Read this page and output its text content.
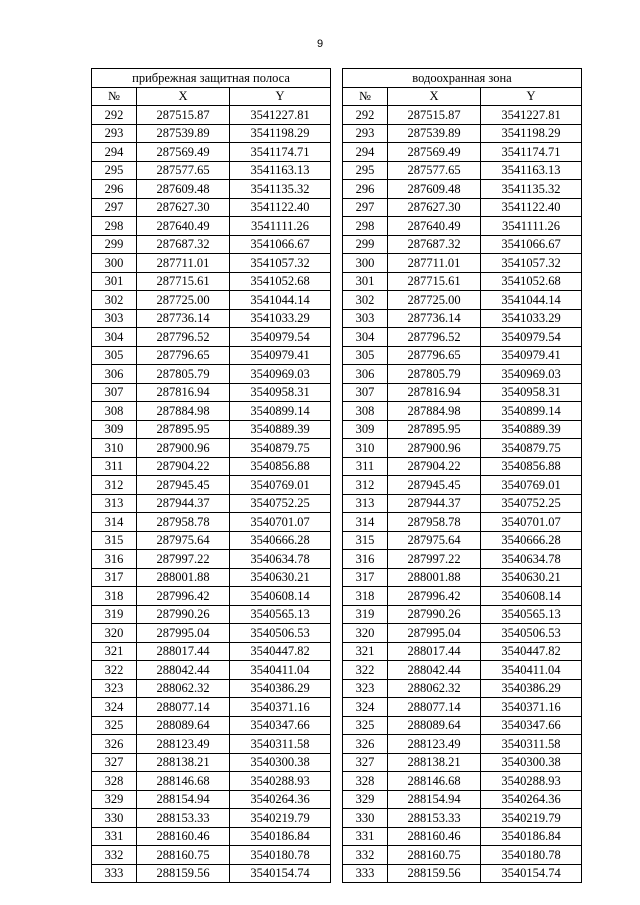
9
прибрежная защитная полоса		
№	X	Y
292	287515.87	3541227.81
293	287539.89	3541198.29
294	287569.49	3541174.71
295	287577.65	3541163.13
296	287609.48	3541135.32
297	287627.30	3541122.40
298	287640.49	3541111.26
299	287687.32	3541066.67
300	287711.01	3541057.32
301	287715.61	3541052.68
302	287725.00	3541044.14
303	287736.14	3541033.29
304	287796.52	3540979.54
305	287796.65	3540979.41
306	287805.79	3540969.03
307	287816.94	3540958.31
308	287884.98	3540899.14
309	287895.95	3540889.39
310	287900.96	3540879.75
311	287904.22	3540856.88
312	287945.45	3540769.01
313	287944.37	3540752.25
314	287958.78	3540701.07
315	287975.64	3540666.28
316	287997.22	3540634.78
317	288001.88	3540630.21
318	287996.42	3540608.14
319	287990.26	3540565.13
320	287995.04	3540506.53
321	288017.44	3540447.82
322	288042.44	3540411.04
323	288062.32	3540386.29
324	288077.14	3540371.16
325	288089.64	3540347.66
326	288123.49	3540311.58
327	288138.21	3540300.38
328	288146.68	3540288.93
329	288154.94	3540264.36
330	288153.33	3540219.79
331	288160.46	3540186.84
332	288160.75	3540180.78
333	288159.56	3540154.74
водоохранная зона		
№	X	Y
292	287515.87	3541227.81
293	287539.89	3541198.29
294	287569.49	3541174.71
295	287577.65	3541163.13
296	287609.48	3541135.32
297	287627.30	3541122.40
298	287640.49	3541111.26
299	287687.32	3541066.67
300	287711.01	3541057.32
301	287715.61	3541052.68
302	287725.00	3541044.14
303	287736.14	3541033.29
304	287796.52	3540979.54
305	287796.65	3540979.41
306	287805.79	3540969.03
307	287816.94	3540958.31
308	287884.98	3540899.14
309	287895.95	3540889.39
310	287900.96	3540879.75
311	287904.22	3540856.88
312	287945.45	3540769.01
313	287944.37	3540752.25
314	287958.78	3540701.07
315	287975.64	3540666.28
316	287997.22	3540634.78
317	288001.88	3540630.21
318	287996.42	3540608.14
319	287990.26	3540565.13
320	287995.04	3540506.53
321	288017.44	3540447.82
322	288042.44	3540411.04
323	288062.32	3540386.29
324	288077.14	3540371.16
325	288089.64	3540347.66
326	288123.49	3540311.58
327	288138.21	3540300.38
328	288146.68	3540288.93
329	288154.94	3540264.36
330	288153.33	3540219.79
331	288160.46	3540186.84
332	288160.75	3540180.78
333	288159.56	3540154.74
